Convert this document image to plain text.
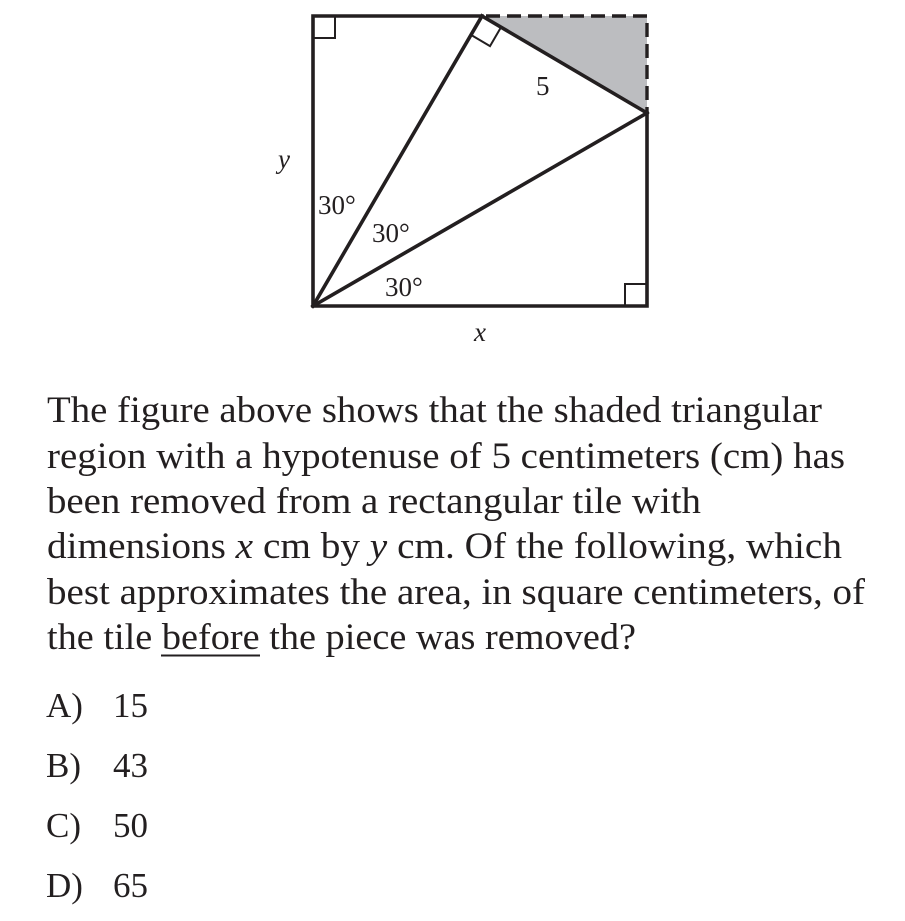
y
x
5
30°
30°
30°
The figure above shows that the shaded triangular
region with a hypotenuse of 5 centimeters (cm) has
been removed from a rectangular tile with
dimensions x cm by y cm. Of the following, which
best approximates the area, in square centimeters, of
the tile before the piece was removed?
A) 15
B) 43
C) 50
D) 65
